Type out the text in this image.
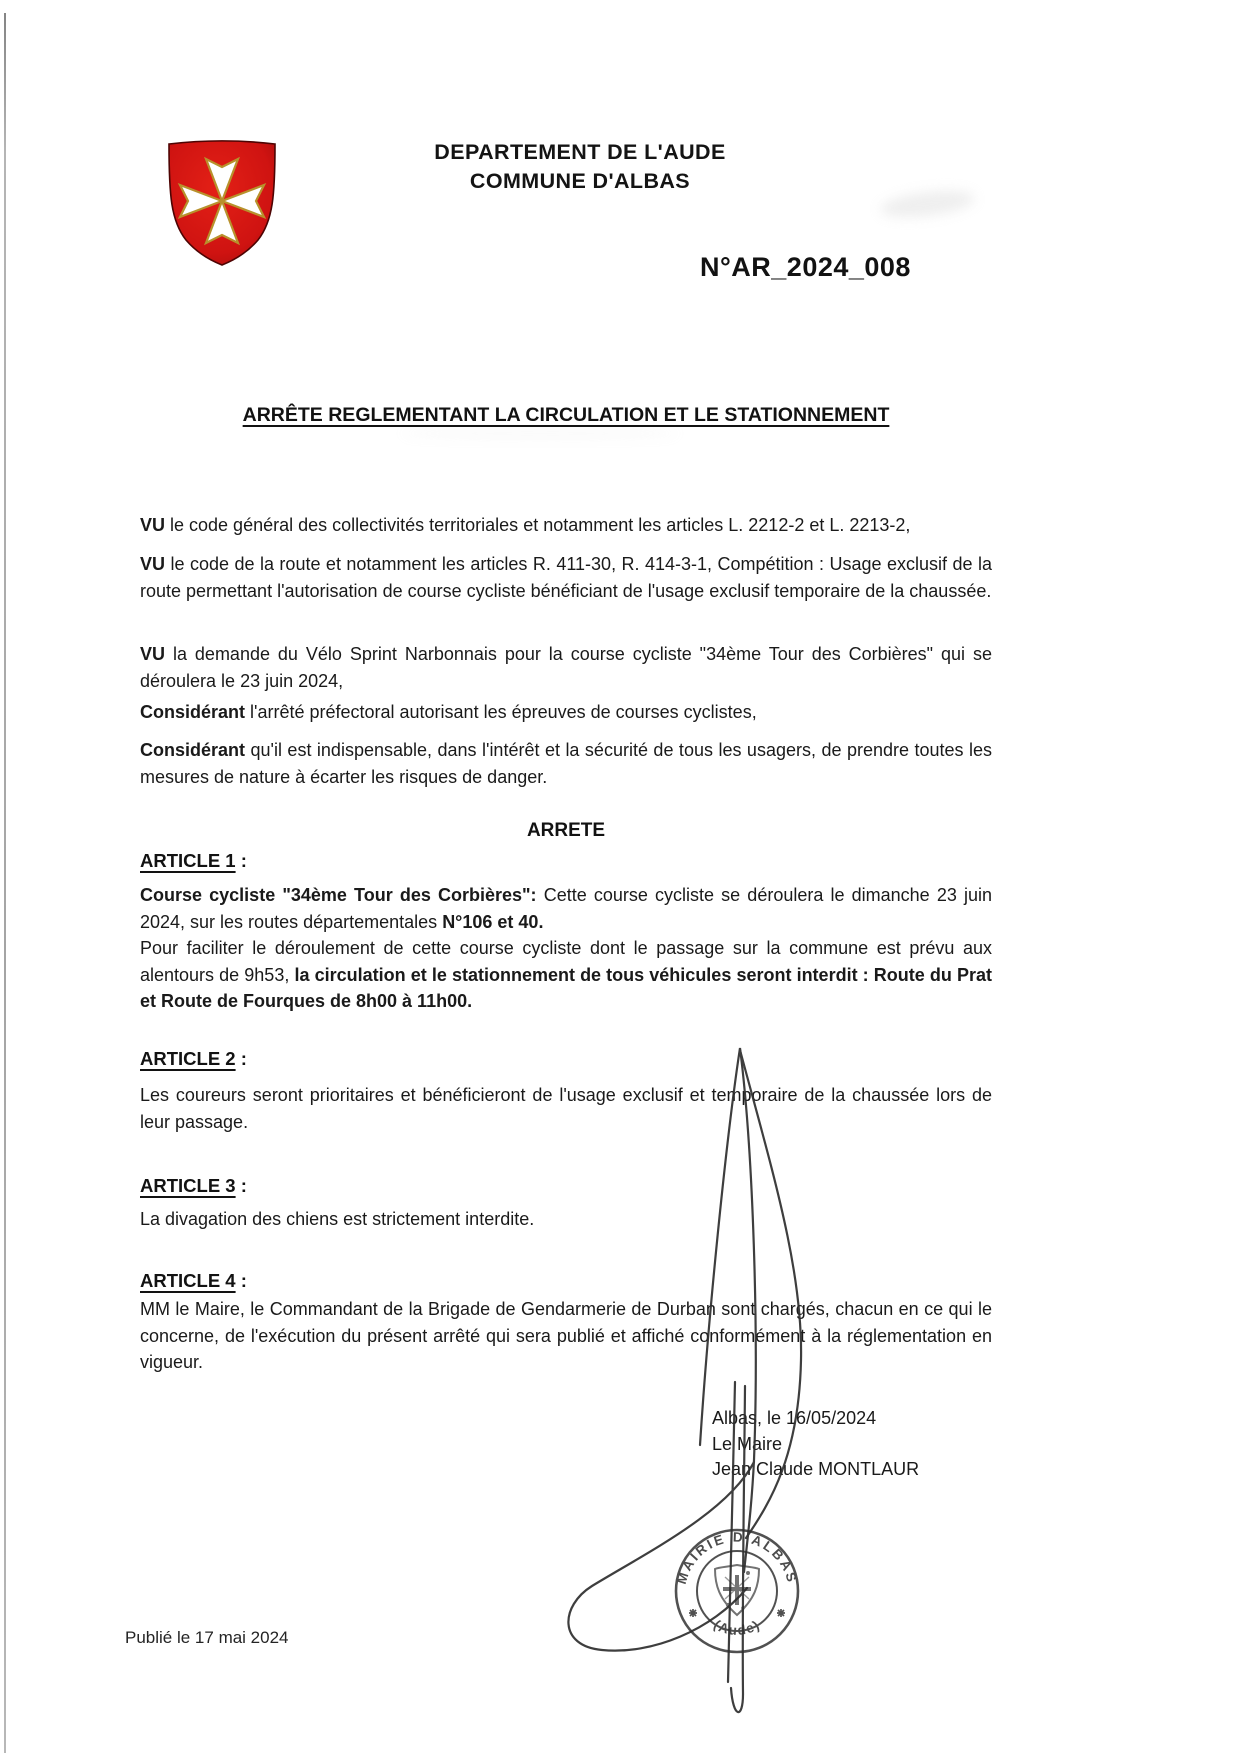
DEPARTEMENT DE L'AUDE
COMMUNE D'ALBAS
N°AR_2024_008
ARRÊTE REGLEMENTANT LA CIRCULATION ET LE STATIONNEMENT
VU le code général des collectivités territoriales et notamment les articles L. 2212-2 et L. 2213-2,
VU le code de la route et notamment les articles R. 411-30, R. 414-3-1, Compétition : Usage exclusif de la route permettant l'autorisation de course cycliste bénéficiant de l'usage exclusif temporaire de la chaussée.
VU la demande du Vélo Sprint Narbonnais pour la course cycliste "34ème Tour des Corbières" qui se déroulera le 23 juin 2024,
Considérant l'arrêté préfectoral autorisant les épreuves de courses cyclistes,
Considérant qu'il est indispensable, dans l'intérêt et la sécurité de tous les usagers, de prendre toutes les mesures de nature à écarter les risques de danger.
ARRETE
ARTICLE 1 :
Course cycliste "34ème Tour des Corbières": Cette course cycliste se déroulera le dimanche 23 juin 2024, sur les routes départementales N°106 et 40.
Pour faciliter le déroulement de cette course cycliste dont le passage sur la commune est prévu aux alentours de 9h53, la circulation et le stationnement de tous véhicules seront interdit : Route du Prat et Route de Fourques de 8h00 à 11h00.
ARTICLE 2 :
Les coureurs seront prioritaires et bénéficieront de l'usage exclusif et temporaire de la chaussée lors de leur passage.
ARTICLE 3 :
La divagation des chiens est strictement interdite.
ARTICLE 4 :
MM le Maire, le Commandant de la Brigade de Gendarmerie de Durban sont chargés, chacun en ce qui le concerne, de l'exécution du présent arrêté qui sera publié et affiché conformément à la réglementation en vigueur.
Albas, le 16/05/2024
Le Maire
Jean Claude MONTLAUR
MAIRIE D'ALBAS
(Aude)
Publié le 17 mai 2024
